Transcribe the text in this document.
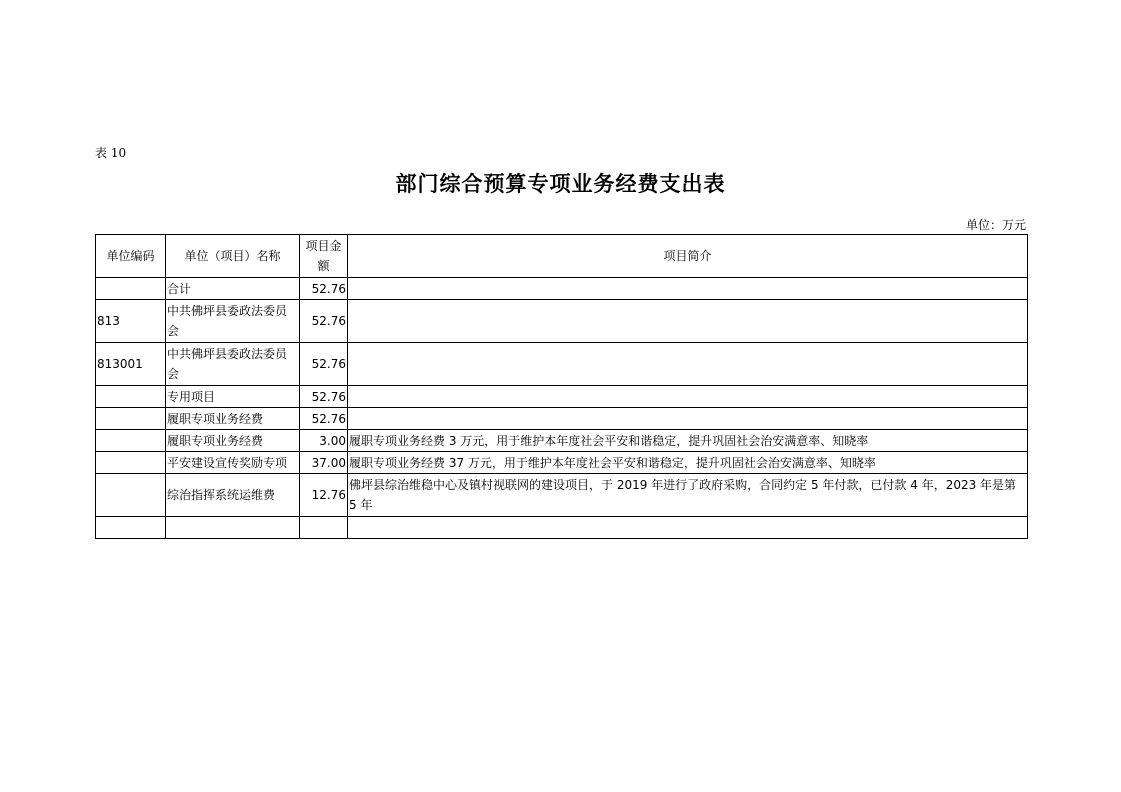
表 10
部门综合预算专项业务经费支出表
单位：万元
单位编码	单位（项目）名称	项目金额	项目简介
	合计	52.76	
813	中共佛坪县委政法委员会	52.76	
813001	中共佛坪县委政法委员会	52.76	
	专用项目	52.76	
	履职专项业务经费	52.76	
	履职专项业务经费	3.00	履职专项业务经费 3 万元，用于维护本年度社会平安和谐稳定，提升巩固社会治安满意率、知晓率
	平安建设宣传奖励专项	37.00	履职专项业务经费 37 万元，用于维护本年度社会平安和谐稳定，提升巩固社会治安满意率、知晓率
	综治指挥系统运维费	12.76	佛坪县综治维稳中心及镇村视联网的建设项目，于 2019 年进行了政府采购，合同约定 5 年付款，已付款 4 年，2023 年是第 5 年
